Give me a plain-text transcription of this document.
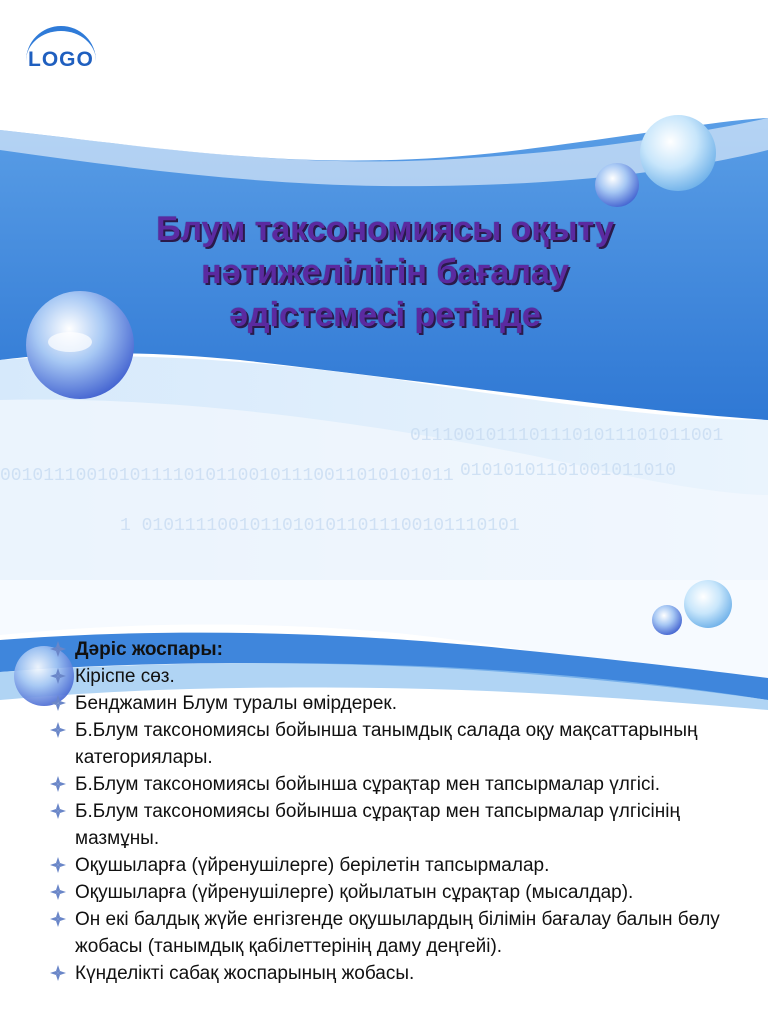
001011100101011110101100101110011010101011
01110010111011101011101011001
1 01011110010110101011011100101110101
01010101101001011010
LOGO
Блум таксономиясы оқыту
нәтижелілігін бағалау
әдістемесі ретінде
Дәріс жоспары:
Кіріспе сөз.
Бенджамин Блум туралы өмірдерек.
Б.Блум таксономиясы бойынша танымдық салада оқу мақсаттарының категориялары.
Б.Блум таксономиясы бойынша сұрақтар мен тапсырмалар үлгісі.
Б.Блум таксономиясы бойынша сұрақтар мен тапсырмалар үлгісінің мазмұны.
Оқушыларға (үйренушілерге) берілетін тапсырмалар.
Оқушыларға (үйренушілерге) қойылатын сұрақтар (мысалдар).
Он екі балдық жүйе енгізгенде оқушылардың білімін бағалау балын бөлу жобасы (танымдық қабілеттерінің даму деңгейі).
Күнделікті сабақ жоспарының жобасы.
